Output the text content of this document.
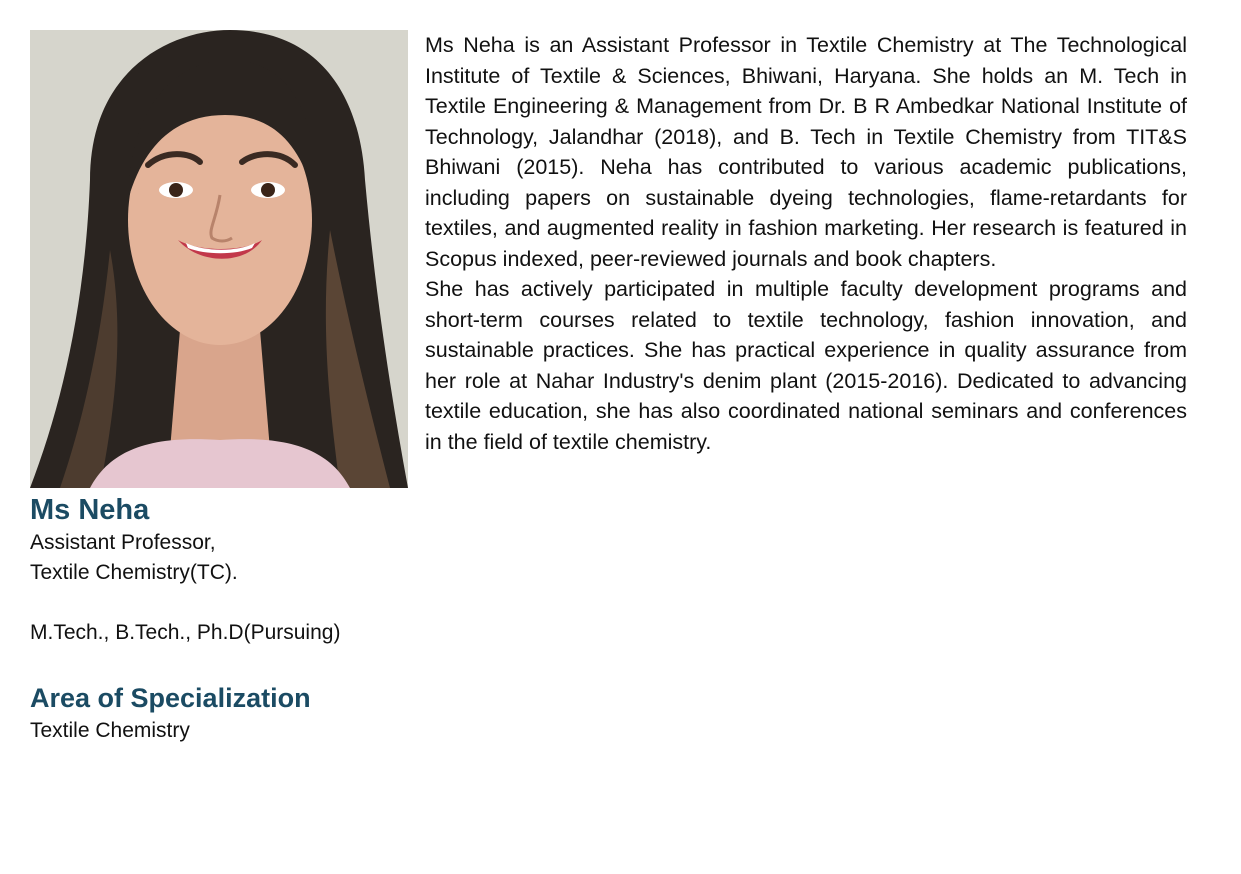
Ms Neha

Assistant Professor,

Textile Chemistry(TC).

M.Tech., B.Tech., Ph.D(Pursuing)

Area of Specialization

Textile Chemistry

Ms Neha is an Assistant Professor in Textile Chemistry at The Technological Institute of Textile & Sciences, Bhiwani, Haryana. She holds an M. Tech in Textile Engineering & Management from Dr. B R Ambedkar National Institute of Technology, Jalandhar (2018), and B. Tech in Textile Chemistry from TIT&S Bhiwani (2015). Neha has contributed to various academic publications, including papers on sustainable dyeing technologies, flame-retardants for textiles, and augmented reality in fashion marketing. Her research is featured in Scopus indexed, peer-reviewed journals and book chapters.

She has actively participated in multiple faculty development programs and short-term courses related to textile technology, fashion innovation, and sustainable practices. She has practical experience in quality assurance from her role at Nahar Industry's denim plant (2015-2016). Dedicated to advancing textile education, she has also coordinated national seminars and conferences in the field of textile chemistry.
